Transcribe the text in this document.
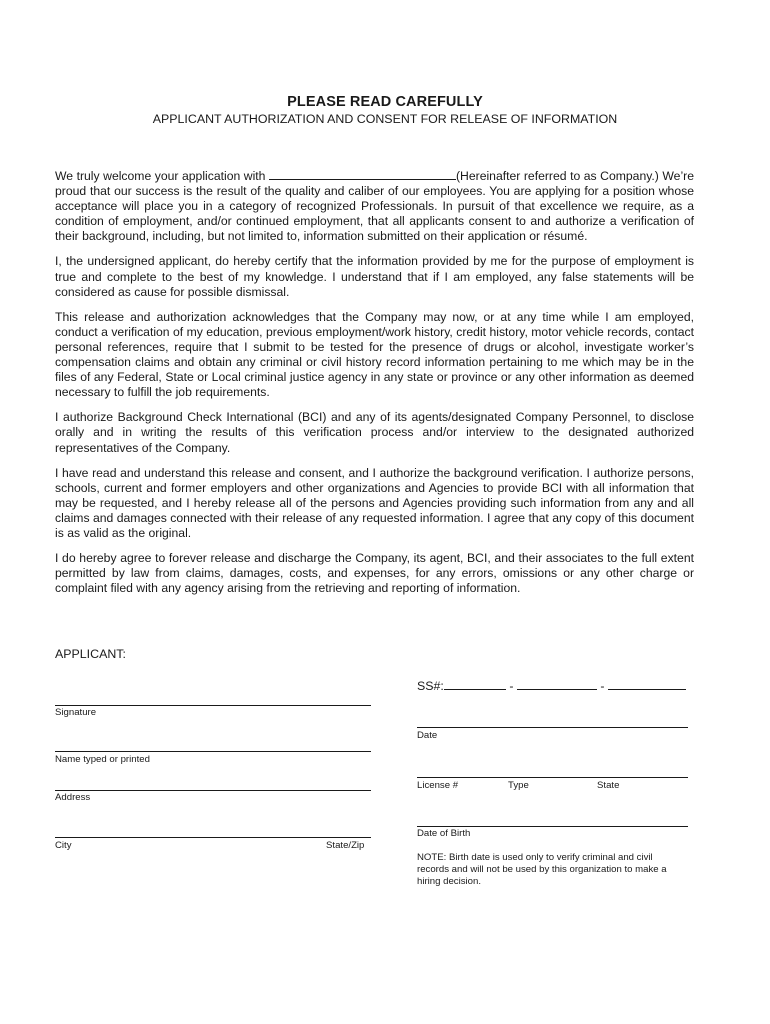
PLEASE READ CAREFULLY
APPLICANT AUTHORIZATION AND CONSENT FOR RELEASE OF INFORMATION

We truly welcome your application with	(Hereinafter referred to as Company.) We’re proud that our success is the result of the quality and caliber of our employees. You are applying for a position whose acceptance will place you in a category of recognized Professionals. In pursuit of that excellence we require, as a condition of employment, and/or continued employment, that all applicants consent to and authorize a verification of their background, including, but not limited to, information submitted on their application or résumé.

I, the undersigned applicant, do hereby certify that the information provided by me for the purpose of employment is true and complete to the best of my knowledge. I understand that if I am employed, any false statements will be considered as cause for possible dismissal.

This release and authorization acknowledges that the Company may now, or at any time while I am employed, conduct a verification of my education, previous employment/work history, credit history, motor vehicle records, contact personal references, require that I submit to be tested for the presence of drugs or alcohol, investigate worker’s compensation claims and obtain any criminal or civil history record information pertaining to me which may be in the files of any Federal, State or Local criminal justice agency in any state or province or any other information as deemed necessary to fulfill the job requirements.

I authorize Background Check International (BCI) and any of its agents/designated Company Personnel, to disclose orally and in writing the results of this verification process and/or interview to the designated authorized representatives of the Company.

I have read and understand this release and consent, and I authorize the background verification. I authorize persons, schools, current and former employers and other organizations and Agencies to provide BCI with all information that may be requested, and I hereby release all of the persons and Agencies providing such information from any and all claims and damages connected with their release of any requested information. I agree that any copy of this document is as valid as the original.

I do hereby agree to forever release and discharge the Company, its agent, BCI, and their associates to the full extent permitted by law from claims, damages, costs, and expenses, for any errors, omissions or any other charge or complaint filed with any agency arising from the retrieving and reporting of information.

APPLICANT:
SS#:	-	-
Signature
Name typed or printed
Address
City	State/Zip
Date
License #	Type	State
Date of Birth
NOTE: Birth date is used only to verify criminal and civil records and will not be used by this organization to make a hiring decision.
